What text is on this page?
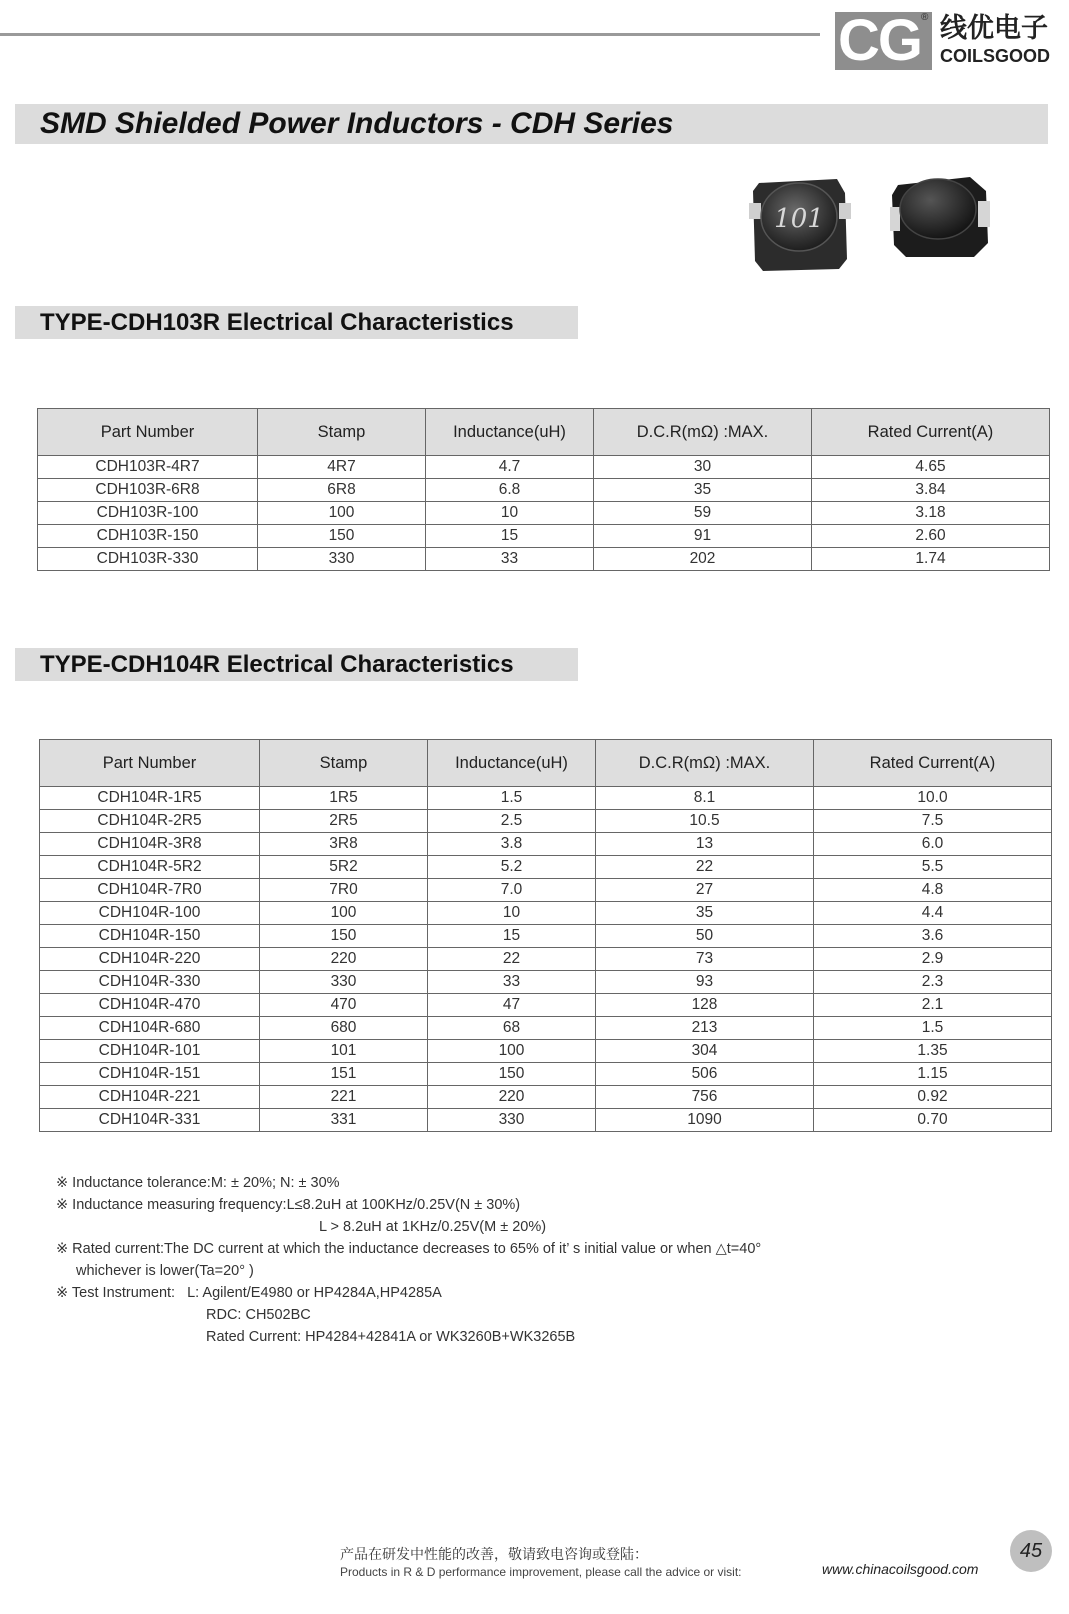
CG ® 线优电子
COILSGOOD
SMD Shielded Power Inductors - CDH Series
101
TYPE-CDH103R Electrical Characteristics
Part Number	Stamp	Inductance(uH)	D.C.R(mΩ) :MAX.	Rated Current(A)
CDH103R-4R7	4R7	4.7	30	4.65
CDH103R-6R8	6R8	6.8	35	3.84
CDH103R-100	100	10	59	3.18
CDH103R-150	150	15	91	2.60
CDH103R-330	330	33	202	1.74
TYPE-CDH104R Electrical Characteristics
Part Number	Stamp	Inductance(uH)	D.C.R(mΩ) :MAX.	Rated Current(A)
CDH104R-1R5	1R5	1.5	8.1	10.0
CDH104R-2R5	2R5	2.5	10.5	7.5
CDH104R-3R8	3R8	3.8	13	6.0
CDH104R-5R2	5R2	5.2	22	5.5
CDH104R-7R0	7R0	7.0	27	4.8
CDH104R-100	100	10	35	4.4
CDH104R-150	150	15	50	3.6
CDH104R-220	220	22	73	2.9
CDH104R-330	330	33	93	2.3
CDH104R-470	470	47	128	2.1
CDH104R-680	680	68	213	1.5
CDH104R-101	101	100	304	1.35
CDH104R-151	151	150	506	1.15
CDH104R-221	221	220	756	0.92
CDH104R-331	331	330	1090	0.70
※ Inductance tolerance:M: ± 20%; N: ± 30%
※ Inductance measuring frequency:L≤8.2uH at 100KHz/0.25V(N ± 30%)
L > 8.2uH at 1KHz/0.25V(M ± 20%)
※ Rated current:The DC current at which the inductance decreases to 65% of it’ s initial value or when △t=40°
whichever is lower(Ta=20° )
※ Test Instrument: L: Agilent/E4980 or HP4284A,HP4285A
RDC: CH502BC
Rated Current: HP4284+42841A or WK3260B+WK3265B
产品在研发中性能的改善，敬请致电咨询或登陆：
Products in R & D performance improvement, please call the advice or visit:	www.chinacoilsgood.com
45
